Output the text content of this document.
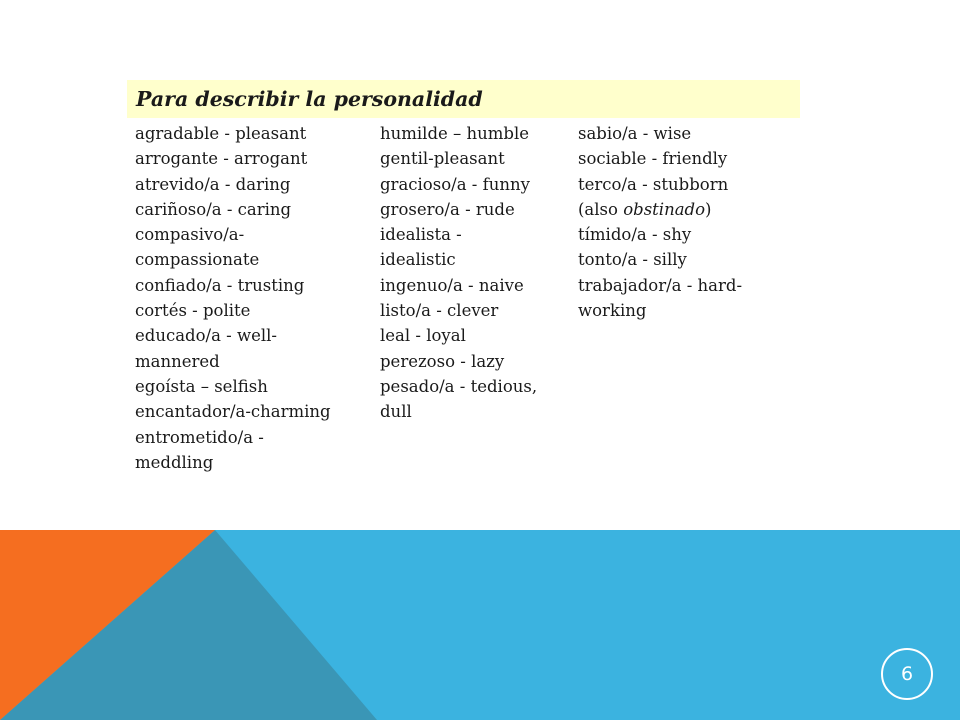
Para describir la personalidad
agradable - pleasant
arrogante - arrogant
atrevido/a - daring
cariñoso/a - caring
compasivo/a-
compassionate
confiado/a - trusting
cortés - polite
educado/a - well-
mannered
egoísta – selfish
encantador/a-charming
entrometido/a -
meddling
humilde – humble
gentil-pleasant
gracioso/a - funny
grosero/a - rude
idealista -
idealistic
ingenuo/a - naive
listo/a - clever
leal - loyal
perezoso - lazy
pesado/a - tedious,
dull
sabio/a - wise
sociable - friendly
terco/a - stubborn
(also obstinado)
tímido/a - shy
tonto/a - silly
trabajador/a - hard-
working
6
